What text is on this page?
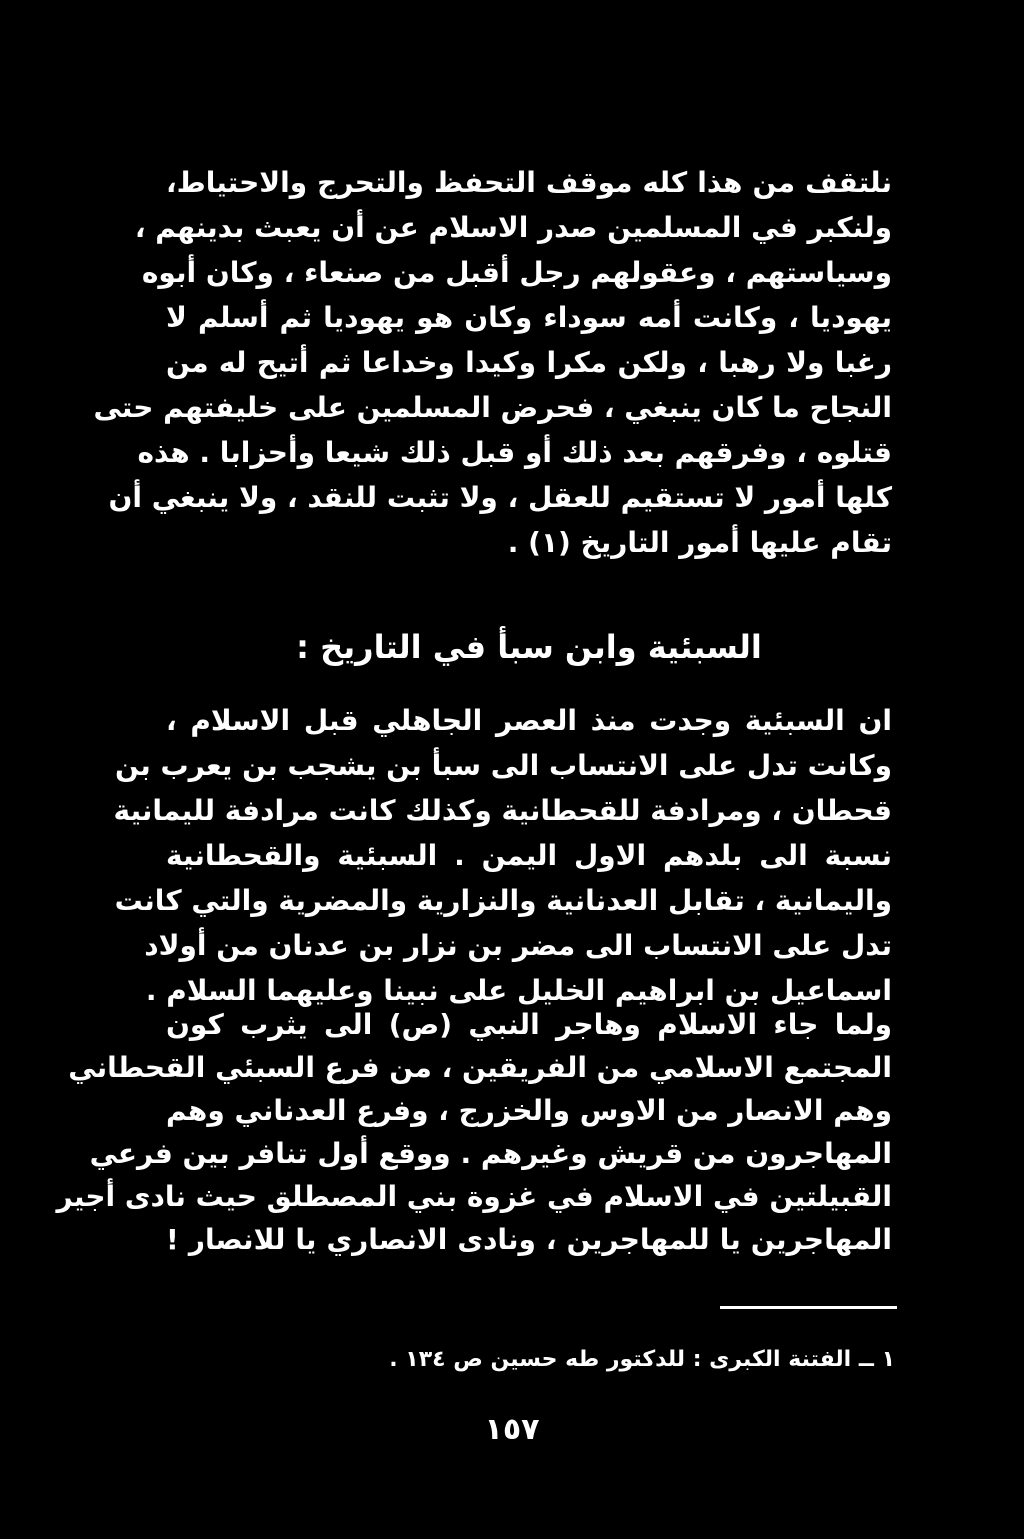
نلتقف من هذا كله موقف التحفظ والتحرج والاحتياط،
ولنكبر في المسلمين صدر الاسلام عن أن يعبث بدينهم ،
وسياستهم ، وعقولهم رجل أقبل من صنعاء ، وكان أبوه
يهوديا ، وكانت أمه سوداء وكان هو يهوديا ثم أسلم لا
رغبا ولا رهبا ، ولكن مكرا وكيدا وخداعا ثم أتيح له من
النجاح ما كان ينبغي ، فحرض المسلمين على خليفتهم حتى
قتلوه ، وفرقهم بعد ذلك أو قبل ذلك شيعا وأحزابا . هذه
كلها أمور لا تستقيم للعقل ، ولا تثبت للنقد ، ولا ينبغي أن
تقام عليها أمور التاريخ (١) .
السبئية وابن سبأ في التاريخ :
ان السبئية وجدت منذ العصر الجاهلي قبل الاسلام ،
وكانت تدل على الانتساب الى سبأ بن يشجب بن يعرب بن
قحطان ، ومرادفة للقحطانية وكذلك كانت مرادفة لليمانية
نسبة الى بلدهم الاول اليمن . السبئية والقحطانية
واليمانية ، تقابل العدنانية والنزارية والمضرية والتي كانت
تدل على الانتساب الى مضر بن نزار بن عدنان من أولاد
اسماعيل بن ابراهيم الخليل على نبينا وعليهما السلام .
ولما جاء الاسلام وهاجر النبي (ص) الى يثرب كون
المجتمع الاسلامي من الفريقين ، من فرع السبئي القحطاني
وهم الانصار من الاوس والخزرج ، وفرع العدناني وهم
المهاجرون من قريش وغيرهم . ووقع أول تنافر بين فرعي
القبيلتين في الاسلام في غزوة بني المصطلق حيث نادى أجير
المهاجرين يا للمهاجرين ، ونادى الانصاري يا للانصار !
١ ــ الفتنة الكبرى : للدكتور طه حسين ص ١٣٤ .
١٥٧
